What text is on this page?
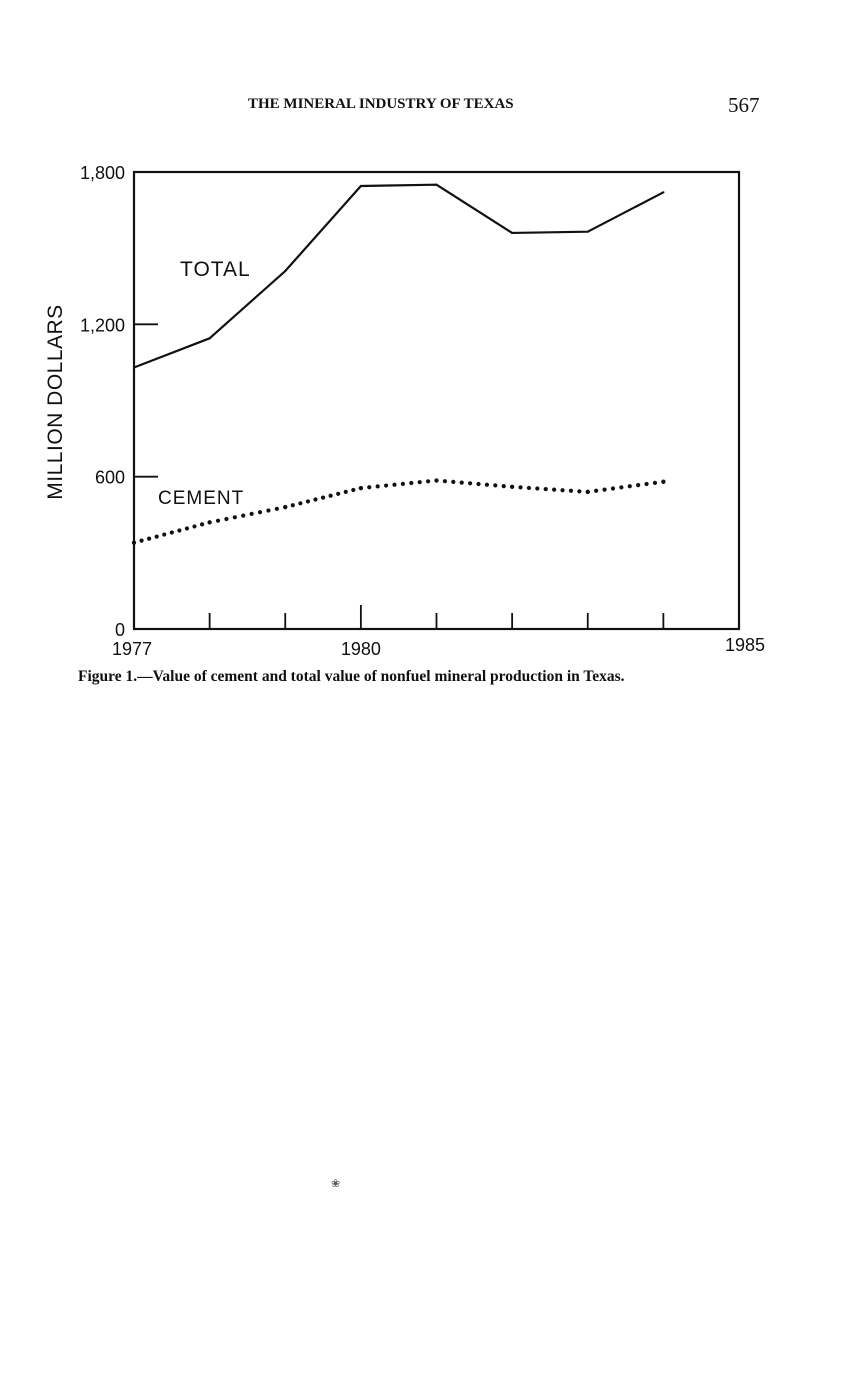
THE MINERAL INDUSTRY OF TEXAS	567
MILLION DOLLARS
0
600
1,200
1,800
1977	1980	1985
TOTAL
CEMENT
Figure 1.—Value of cement and total value of nonfuel mineral production in Texas.
❀
